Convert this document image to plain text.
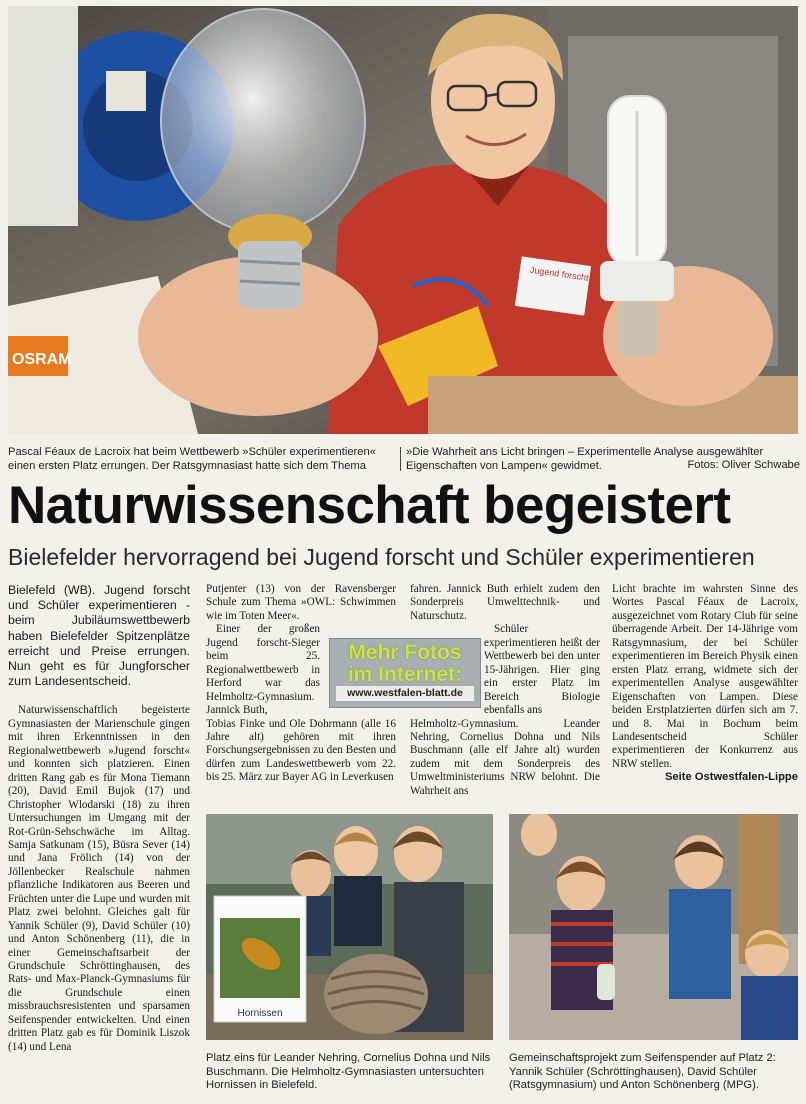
OSRAM
Jugend forscht
Pascal Féaux de Lacroix hat beim Wettbewerb »Schüler experimentieren« einen ersten Platz errungen. Der Ratsgymnasiast hatte sich dem Thema
»Die Wahrheit ans Licht bringen – Experimentelle Analyse ausgewählter Eigenschaften von Lampen« gewidmet.	Fotos: Oliver Schwabe
Naturwissenschaft begeistert
Bielefelder hervorragend bei Jugend forscht und Schüler experimentieren

Bielefeld (WB). Jugend forscht und Schüler experimentieren - beim Jubiläumswettbewerb haben Bielefelder Spitzenplätze erreicht und Preise errungen. Nun geht es für Jungforscher zum Landesentscheid.

Naturwissenschaftlich begeisterte Gymnasiasten der Marienschule gingen mit ihren Erkenntnissen in den Regionalwettbewerb »Jugend forscht« und konnten sich platzieren. Einen dritten Rang gab es für Mona Tiemann (20), David Emil Bujok (17) und Christopher Wlodarski (18) zu ihren Untersuchungen im Umgang mit der Rot-Grün-Sehschwäche im Alltag. Samja Satkunam (15), Büsra Sever (14) und Jana Frölich (14) von der Jöllenbecker Realschule nahmen pflanzliche Indikatoren aus Beeren und Früchten unter die Lupe und wurden mit Platz zwei belohnt. Gleiches galt für Yannik Schüler (9), David Schüler (10) und Anton Schönenberg (11), die in einer Gemeinschaftsarbeit der Grundschule Schröttinghausen, des Rats- und Max-Planck-Gymnasiums für die Grundschule einen missbrauchsresistenten und sparsamen Seifenspender entwickelten. Und einen dritten Platz gab es für Dominik Liszok (14) und Lena

Putjenter (13) von der Ravensberger Schule zum Thema »OWL: Schwimmen wie im Toten Meer«.

Einer der großen Jugend forscht-Sieger beim 25. Regionalwettbewerb in Herford war das Helmholtz-Gymnasium. Jannick Buth,

Tobias Finke und Ole Dohrmann (alle 16 Jahre alt) gehören mit ihren Forschungsergebnissen zu den Besten und dürfen zum Landeswettbewerb vom 22. bis 25. März zur Bayer AG in Leverkusen

Mehr Fotos
im Internet:
www.westfalen-blatt.de

fahren. Jannick Buth erhielt zudem den Sonderpreis Umwelttechnik- und Naturschutz.

Schüler experimentieren heißt der Wettbewerb bei den unter 15-Jährigen. Hier ging ein erster Platz im Bereich Biologie ebenfalls ans

Helmholtz-Gymnasium. Leander Nehring, Cornelius Dohna und Nils Buschmann (alle elf Jahre alt) wurden zudem mit dem Sonderpreis des Umweltministeriums NRW belohnt. Die Wahrheit ans

Licht brachte im wahrsten Sinne des Wortes Pascal Féaux de Lacroix, ausgezeichnet vom Rotary Club für seine überragende Arbeit. Der 14-Jährige vom Ratsgymnasium, der bei Schüler experimentieren im Bereich Physik einen ersten Platz errang, widmete sich der experimentellen Analyse ausgewählter Eigenschaften von Lampen. Diese beiden Erstplatzierten dürfen sich am 7. und 8. Mai in Bochum beim Landesentscheid Schüler experimentieren der Konkurrenz aus NRW stellen.

Seite Ostwestfalen-Lippe

Hornissen
Platz eins für Leander Nehring, Cornelius Dohna und Nils Buschmann. Die Helmholtz-Gymnasiasten untersuchten Hornissen in Bielefeld.
Gemeinschaftsprojekt zum Seifenspender auf Platz 2: Yannik Schüler (Schröttinghausen), David Schüler (Ratsgymnasium) und Anton Schönenberg (MPG).
